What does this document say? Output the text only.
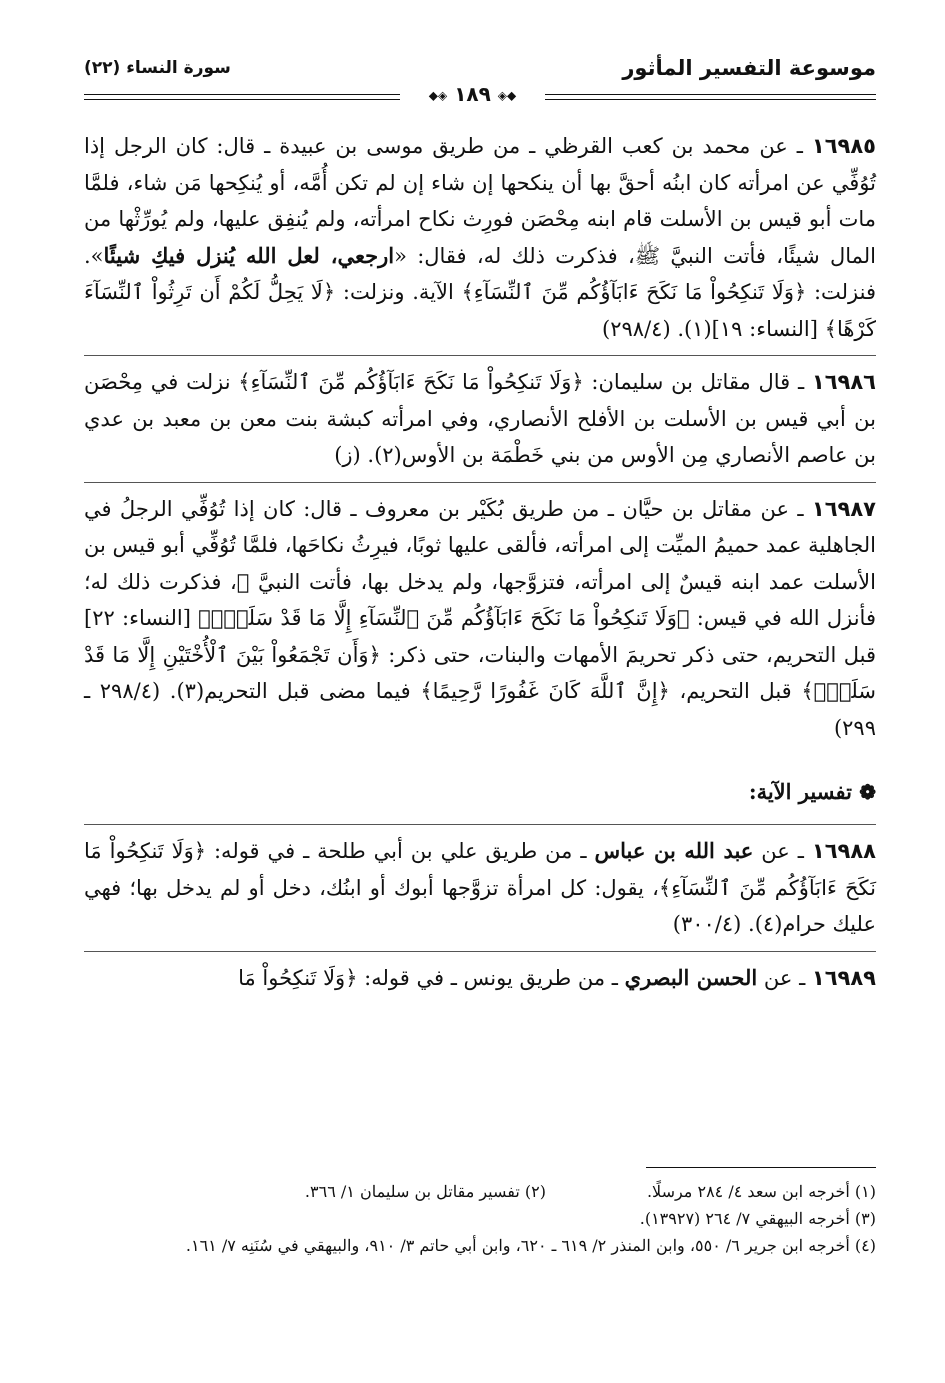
موسوعة التفسير المأثور
سورة النساء (٢٢)
◆◈ ١٨٩ ◈◆

١٦٩٨٥ ـ عن محمد بن كعب القرظي ـ من طريق موسى بن عبيدة ـ قال: كان الرجل إذا تُوُفِّي عن امرأته كان ابنُه أحقَّ بها أن ينكحها إن شاء إن لم تكن أُمَّه، أو يُنكِحها مَن شاء، فلمَّا مات أبو قيس بن الأسلت قام ابنه مِحْصَن فورِث نكاح امرأته، ولم يُنفِق عليها، ولم يُورِّثْها من المال شيئًا، فأتت النبيَّ ﷺ، فذكرت ذلك له، فقال: «ارجعي، لعل الله يُنزل فيكِ شيئًا». فنزلت: ﴿وَلَا تَنكِحُواْ مَا نَكَحَ ءَابَآؤُكُم مِّنَ ٱلنِّسَآءِ﴾ الآية. ونزلت: ﴿لَا يَحِلُّ لَكُمْ أَن تَرِثُواْ ٱلنِّسَآءَ كَرْهًا﴾ [النساء: ١٩](١). (٢٩٨/٤)

١٦٩٨٦ ـ قال مقاتل بن سليمان: ﴿وَلَا تَنكِحُواْ مَا نَكَحَ ءَابَآؤُكُم مِّنَ ٱلنِّسَآءِ﴾ نزلت في مِحْصَن بن أبي قيس بن الأسلت بن الأفلح الأنصاري، وفي امرأته كبشة بنت معن بن معبد بن عدي بن عاصم الأنصاري مِن الأوس من بني خَطْمَة بن الأوس(٢). (ز)

١٦٩٨٧ ـ عن مقاتل بن حيَّان ـ من طريق بُكَيْر بن معروف ـ قال: كان إذا تُوُفِّي الرجلُ في الجاهلية عمد حميمُ الميِّت إلى امرأته، فألقى عليها ثوبًا، فيرِثُ نكاحَها، فلمَّا تُوُفِّي أبو قيس بن الأسلت عمد ابنه قيسٌ إلى امرأته، فتزوَّجها، ولم يدخل بها، فأتت النبيَّ ﷺ، فذكرت ذلك له؛ فأنزل الله في قيس: ﴿وَلَا تَنكِحُواْ مَا نَكَحَ ءَابَآؤُكُم مِّنَ ٱلنِّسَآءِ إِلَّا مَا قَدْ سَلَفَۚ﴾ [النساء: ٢٢] قبل التحريم، حتى ذكر تحريمَ الأمهات والبنات، حتى ذكر: ﴿وَأَن تَجْمَعُواْ بَيْنَ ٱلْأُخْتَيْنِ إِلَّا مَا قَدْ سَلَفَۗ﴾ قبل التحريم، ﴿إِنَّ ٱللَّهَ كَانَ غَفُورًا رَّحِيمًا﴾ فيما مضى قبل التحريم(٣). (٢٩٨/٤ ـ ٢٩٩)

❁ تفسير الآية:

١٦٩٨٨ ـ عن عبد الله بن عباس ـ من طريق علي بن أبي طلحة ـ في قوله: ﴿وَلَا تَنكِحُواْ مَا نَكَحَ ءَابَآؤُكُم مِّنَ ٱلنِّسَآءِ﴾، يقول: كل امرأة تزوَّجها أبوك أو ابنُك، دخل أو لم يدخل بها؛ فهي عليك حرام(٤). (٣٠٠/٤)

١٦٩٨٩ ـ عن الحسن البصري ـ من طريق يونس ـ في قوله: ﴿وَلَا تَنكِحُواْ مَا

(١) أخرجه ابن سعد ٤/ ٢٨٤ مرسلًا.
(٢) تفسير مقاتل بن سليمان ١/ ٣٦٦.

(٣) أخرجه البيهقي ٧/ ٢٦٤ (١٣٩٢٧).

(٤) أخرجه ابن جرير ٦/ ٥٥٠، وابن المنذر ٢/ ٦١٩ ـ ٦٢٠، وابن أبي حاتم ٣/ ٩١٠، والبيهقي في سُنَنِه ٧/ ١٦١.
